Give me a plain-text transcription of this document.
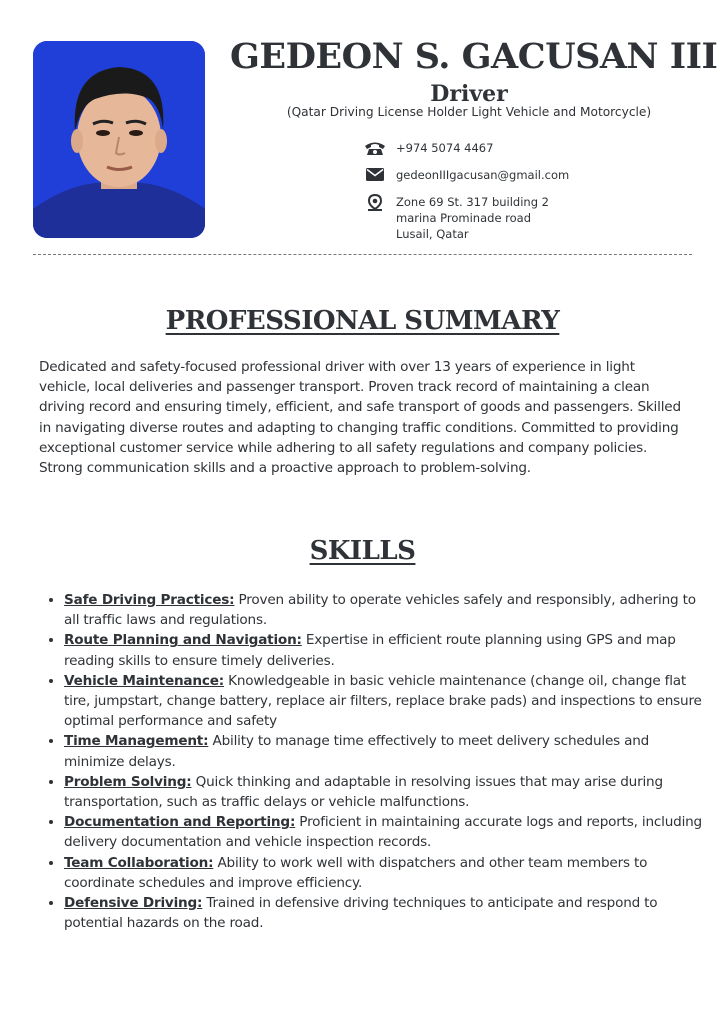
GEDEON S. GACUSAN III
Driver
(Qatar Driving License Holder Light Vehicle and Motorcycle)
+974 5074 4467
gedeonIIIgacusan@gmail.com
Zone 69 St. 317 building 2
marina Prominade road
Lusail, Qatar
PROFESSIONAL SUMMARY

Dedicated and safety-focused professional driver with over 13 years of experience in light vehicle, local deliveries and passenger transport. Proven track record of maintaining a clean driving record and ensuring timely, efficient, and safe transport of goods and passengers. Skilled in navigating diverse routes and adapting to changing traffic conditions. Committed to providing exceptional customer service while adhering to all safety regulations and company policies. Strong communication skills and a proactive approach to problem-solving.

SKILLS
• Safe Driving Practices: Proven ability to operate vehicles safely and responsibly, adhering to all traffic laws and regulations.
• Route Planning and Navigation: Expertise in efficient route planning using GPS and map reading skills to ensure timely deliveries.
• Vehicle Maintenance: Knowledgeable in basic vehicle maintenance (change oil, change flat tire, jumpstart, change battery, replace air filters, replace brake pads) and inspections to ensure optimal performance and safety
• Time Management: Ability to manage time effectively to meet delivery schedules and minimize delays.
• Problem Solving: Quick thinking and adaptable in resolving issues that may arise during transportation, such as traffic delays or vehicle malfunctions.
• Documentation and Reporting: Proficient in maintaining accurate logs and reports, including delivery documentation and vehicle inspection records.
• Team Collaboration: Ability to work well with dispatchers and other team members to coordinate schedules and improve efficiency.
• Defensive Driving: Trained in defensive driving techniques to anticipate and respond to potential hazards on the road.
